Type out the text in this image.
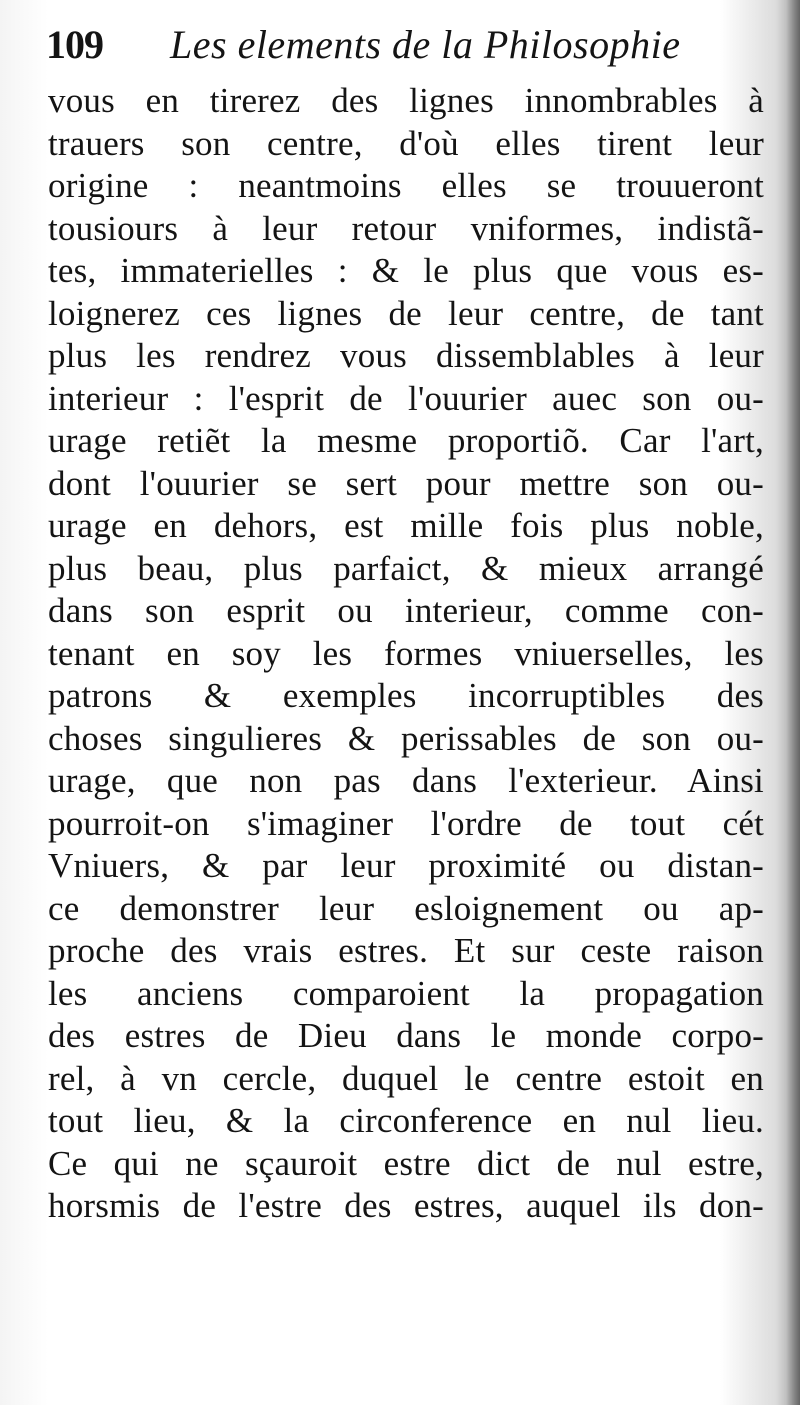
109 Les elements de la Philosophie
vous en tirerez des lignes innombrables à
trauers son centre, d'où elles tirent leur
origine : neantmoins elles se trouueront
tousiours à leur retour vniformes, indistã-
tes, immaterielles : & le plus que vous es-
loignerez ces lignes de leur centre, de tant
plus les rendrez vous dissemblables à leur
interieur : l'esprit de l'ouurier auec son ou-
urage retiẽt la mesme proportiõ. Car l'art,
dont l'ouurier se sert pour mettre son ou-
urage en dehors, est mille fois plus noble,
plus beau, plus parfaict, & mieux arrangé
dans son esprit ou interieur, comme con-
tenant en soy les formes vniuerselles, les
patrons & exemples incorruptibles des
choses singulieres & perissables de son ou-
urage, que non pas dans l'exterieur. Ainsi
pourroit-on s'imaginer l'ordre de tout cét
Vniuers, & par leur proximité ou distan-
ce demonstrer leur esloignement ou ap-
proche des vrais estres. Et sur ceste raison
les anciens comparoient la propagation
des estres de Dieu dans le monde corpo-
rel, à vn cercle, duquel le centre estoit en
tout lieu, & la circonference en nul lieu.
Ce qui ne sçauroit estre dict de nul estre,
horsmis de l'estre des estres, auquel ils don-
